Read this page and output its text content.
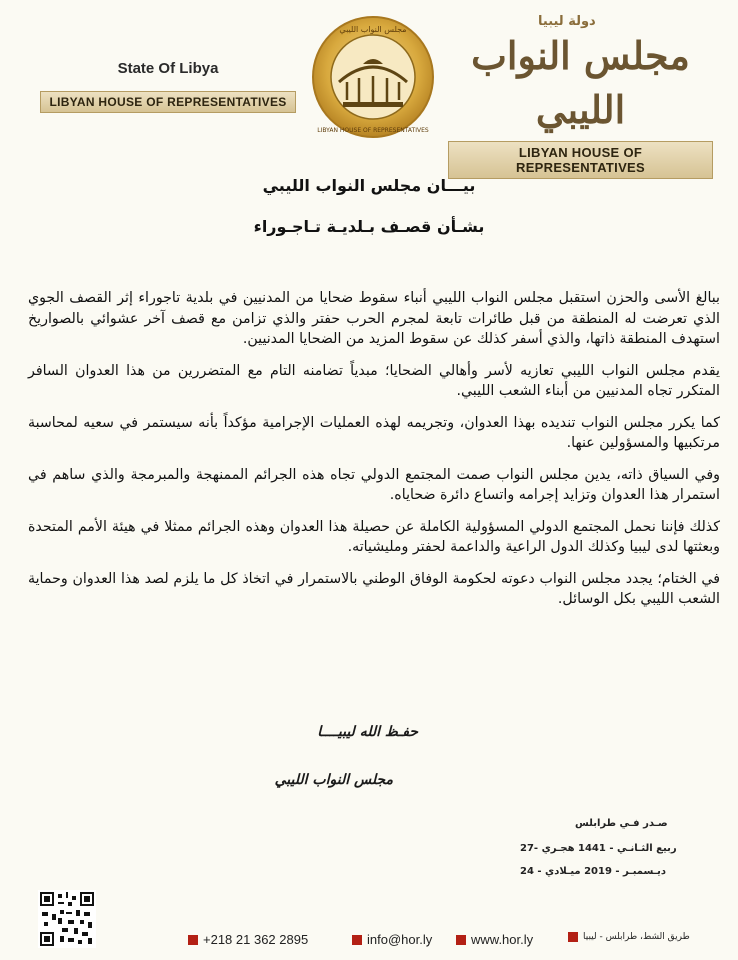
State Of Libya
LIBYAN HOUSE OF REPRESENTATIVES
مجلس النواب الليبي
LIBYAN HOUSE OF REPRESENTATIVES
دولة ليبيا
مجلس النواب الليبي
LIBYAN HOUSE OF REPRESENTATIVES
بيـــان مجلس النواب الليبي
بشـأن قصـف بـلديـة تـاجـوراء

ببالغ الأسى والحزن استقبل مجلس النواب الليبي أنباء سقوط ضحايا من المدنيين في بلدية تاجوراء إثر القصف الجوي الذي تعرضت له المنطقة من قبل طائرات تابعة لمجرم الحرب حفتر والذي تزامن مع قصف آخر عشوائي بالصواريخ استهدف المنطقة ذاتها، والذي أسفر كذلك عن سقوط المزيد من الضحايا المدنيين.

يقدم مجلس النواب الليبي تعازيه لأسر وأهالي الضحايا؛ مبدياً تضامنه التام مع المتضررين من هذا العدوان السافر المتكرر تجاه المدنيين من أبناء الشعب الليبي.

كما يكرر مجلس النواب تنديده بهذا العدوان، وتجريمه لهذه العمليات الإجرامية مؤكداً بأنه سيستمر في سعيه لمحاسبة مرتكبيها والمسؤولين عنها.

وفي السياق ذاته، يدين مجلس النواب صمت المجتمع الدولي تجاه هذه الجرائم الممنهجة والمبرمجة والذي ساهم في استمرار هذا العدوان وتزايد إجرامه واتساع دائرة ضحاياه.

كذلك فإننا نحمل المجتمع الدولي المسؤولية الكاملة عن حصيلة هذا العدوان وهذه الجرائم ممثلا في هيئة الأمم المتحدة وبعثتها لدى ليبيا وكذلك الدول الراعية والداعمة لحفتر ومليشياته.

في الختام؛ يجدد مجلس النواب دعوته لحكومة الوفاق الوطني بالاستمرار في اتخاذ كل ما يلزم لصد هذا العدوان وحماية الشعب الليبي بكل الوسائل.

حفـظ الله ليبيــــا
مجلس النواب الليبي
صـدر فـي طرابلس
27- ربيع الثـانـي - 1441 هجـري
24 - ديـسمبـر - 2019 ميـلادي
+218 21 362 2895	info@hor.ly	www.hor.ly	طريق الشط، طرابلس - ليبيا
